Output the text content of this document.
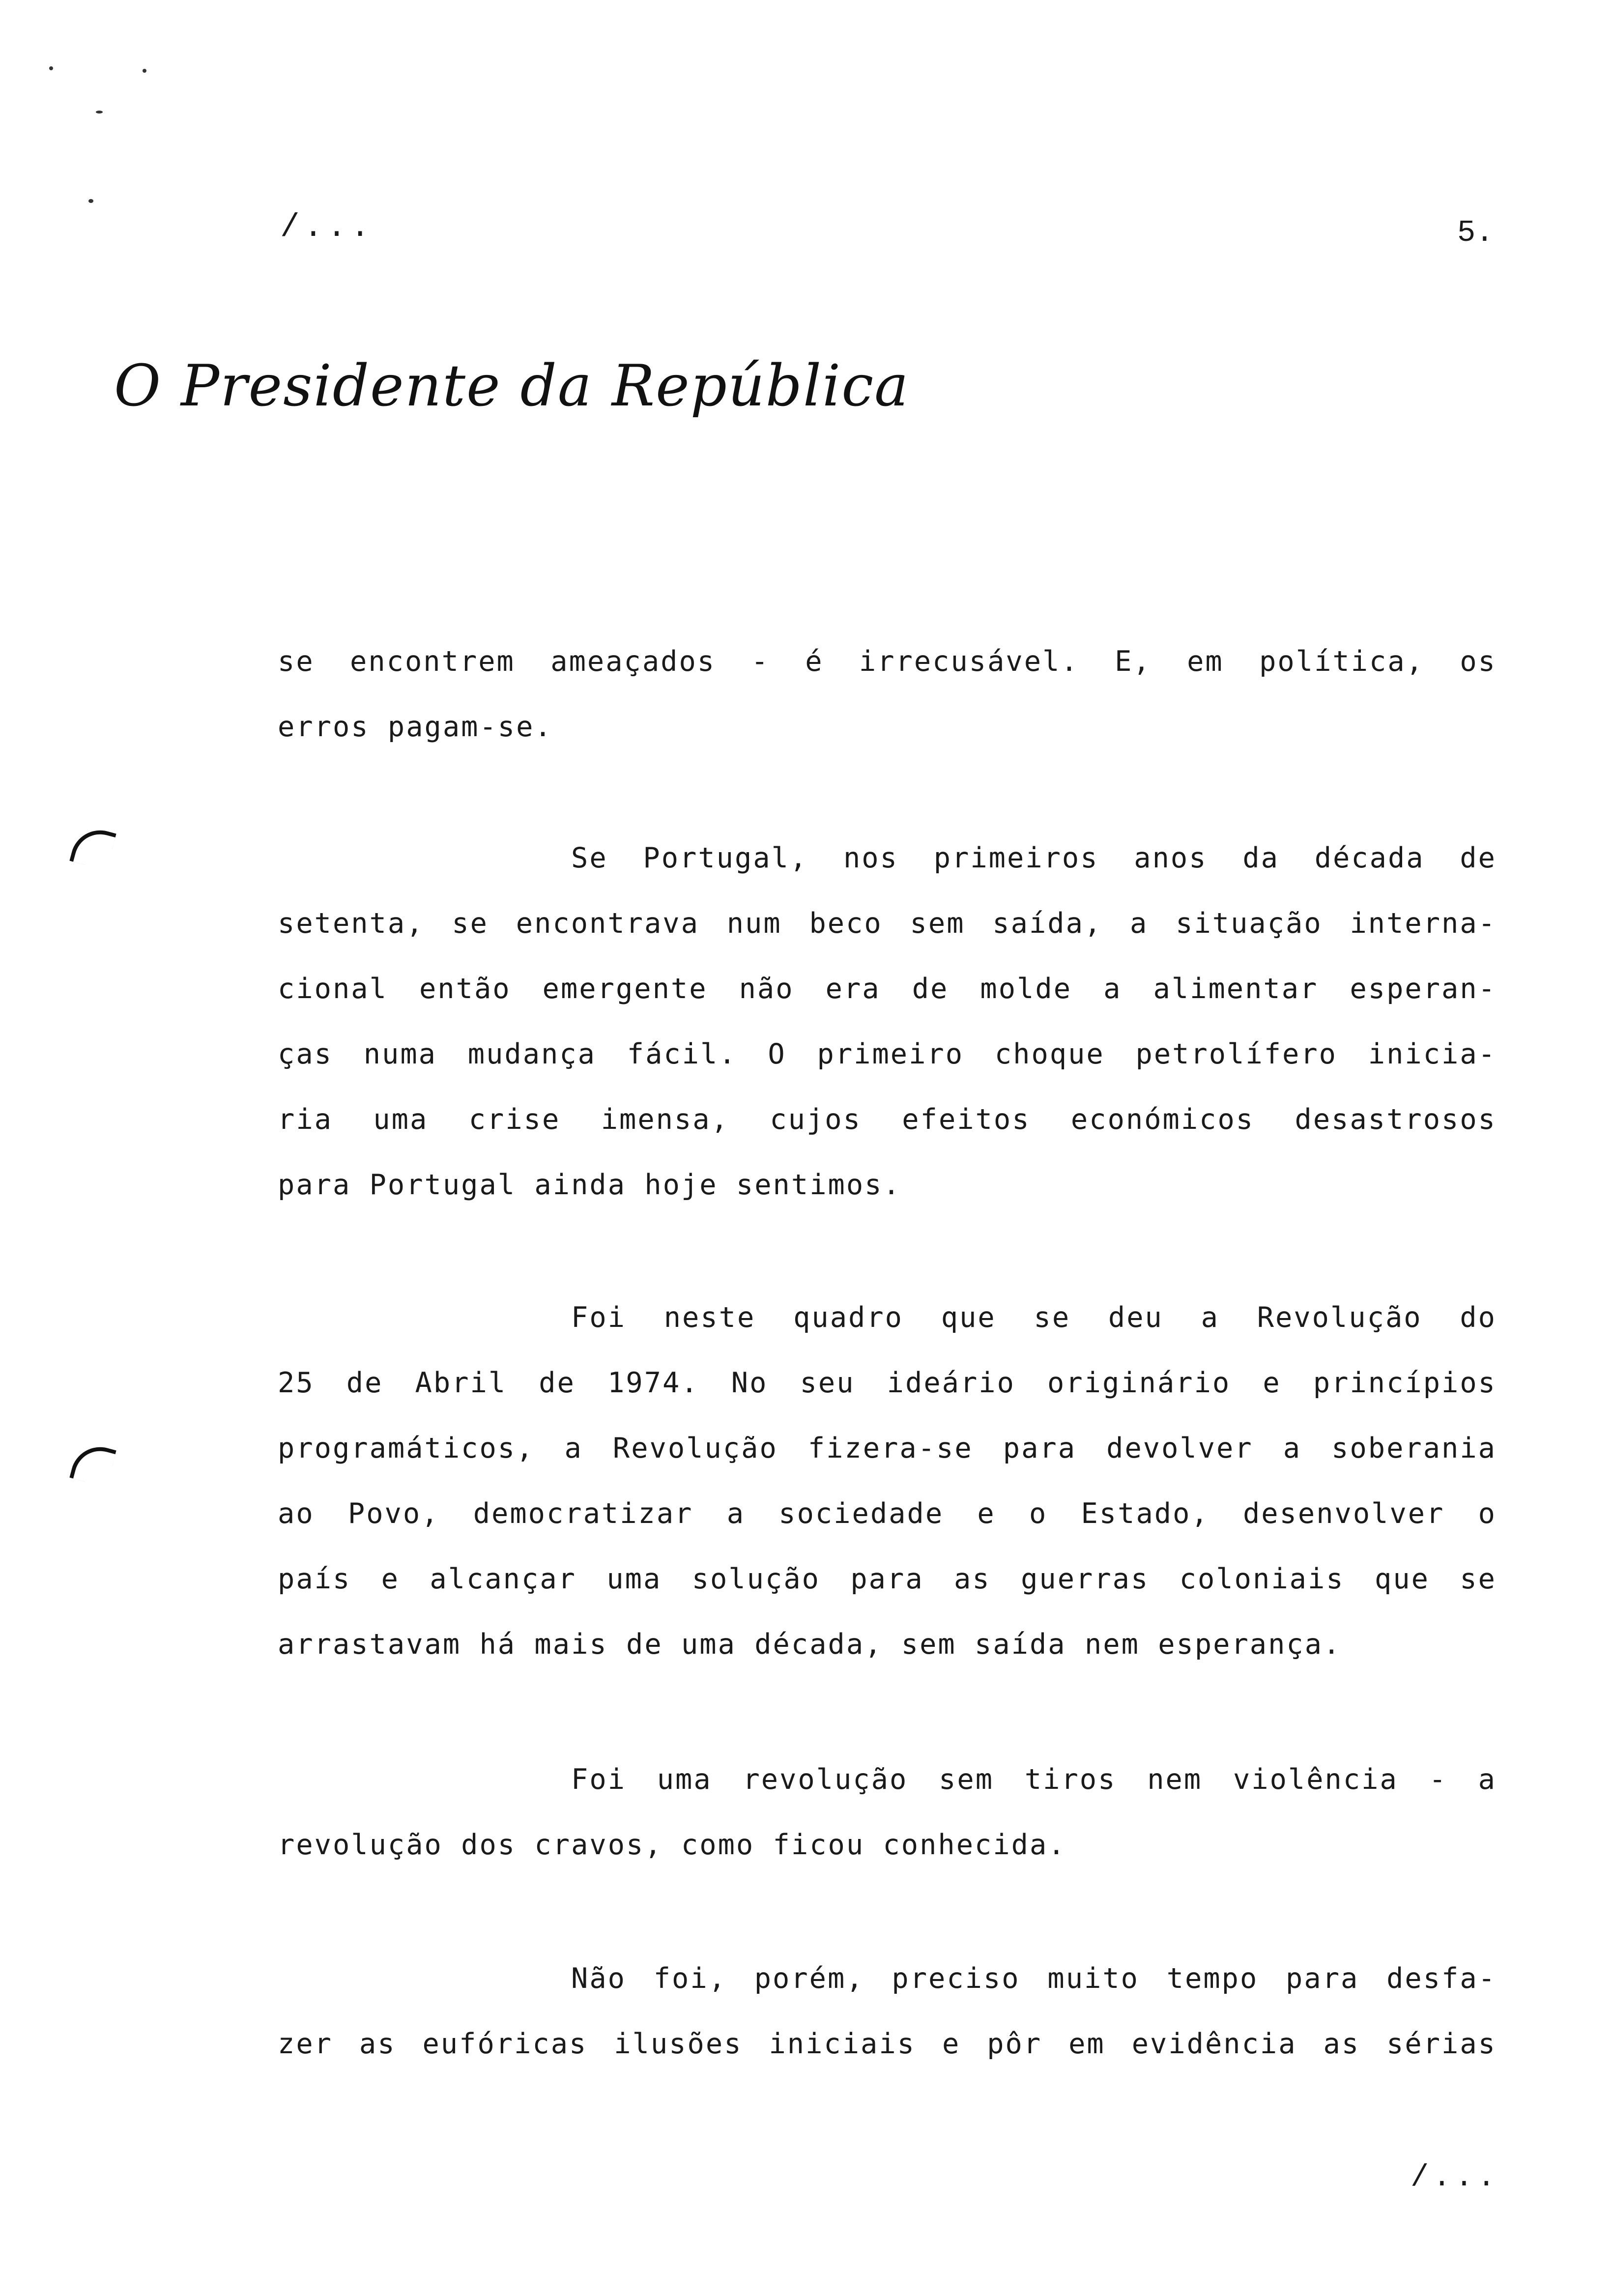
/...	5.
O Presidente da República
se encontrem ameaçados - é irrecusável. E, em política, os
erros pagam-se.
Se Portugal, nos primeiros anos da década de
setenta, se encontrava num beco sem saída, a situação interna-
cional então emergente não era de molde a alimentar esperan-
ças numa mudança fácil. O primeiro choque petrolífero inicia-
ria uma crise imensa, cujos efeitos económicos desastrosos
para Portugal ainda hoje sentimos.
Foi neste quadro que se deu a Revolução do
25 de Abril de 1974. No seu ideário originário e princípios
programáticos, a Revolução fizera-se para devolver a soberania
ao Povo, democratizar a sociedade e o Estado, desenvolver o
país e alcançar uma solução para as guerras coloniais que se
arrastavam há mais de uma década, sem saída nem esperança.
Foi uma revolução sem tiros nem violência - a
revolução dos cravos, como ficou conhecida.
Não foi, porém, preciso muito tempo para desfa-
zer as eufóricas ilusões iniciais e pôr em evidência as sérias
/...
